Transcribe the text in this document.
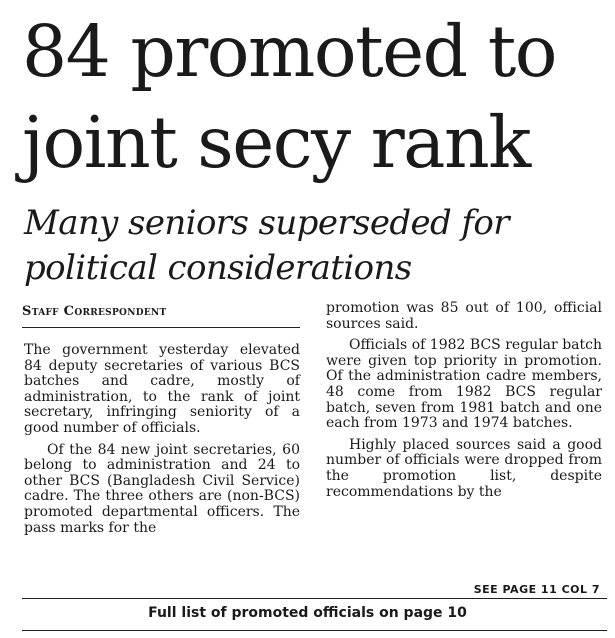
84 promoted to
joint secy rank
Many seniors superseded for
political considerations
Staff Correspondent

The government yesterday elevated 84 deputy secretaries of various BCS batches and cadre, mostly of administration, to the rank of joint secretary, infringing seniority of a good number of officials.

Of the 84 new joint secretaries, 60 belong to administration and 24 to other BCS (Bangladesh Civil Service) cadre. The three others are (non-BCS) promoted departmental officers. The pass marks for the

promotion was 85 out of 100, official sources said.

Officials of 1982 BCS regular batch were given top priority in promotion. Of the administration cadre members, 48 come from 1982 BCS regular batch, seven from 1981 batch and one each from 1973 and 1974 batches.

Highly placed sources said a good number of officials were dropped from the promotion list, despite recommendations by the

SEE PAGE 11 COL 7
Full list of promoted officials on page 10
